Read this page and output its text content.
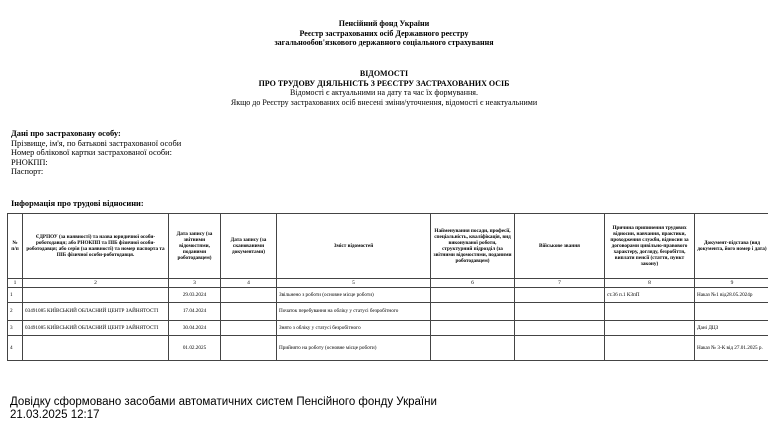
Пенсійний фонд України
Реєстр застрахованих осіб Державного реєстру
загальнообов'язкового державного соціального страхування
ВІДОМОСТІ
ПРО ТРУДОВУ ДІЯЛЬНІСТЬ З РЕЄСТРУ ЗАСТРАХОВАНИХ ОСІБ
Відомості є актуальними на дату та час їх формування.
Якщо до Реєстру застрахованих осіб внесені зміни/уточнення, відомості є неактуальними
Дані про застраховану особу:
Прізвище, ім'я, по батькові застрахованої особи
Номер облікової картки застрахованої особи:
РНОКПП:
Паспорт:
Інформація про трудові відносини:
№ п/п	ЄДРПОУ (за наявності) та назва юридичної особи-роботодавця; або РНОКПП та ПІБ фізичної особи-роботодавця; або серія (за наявності) та номер паспорта та ПІБ фізичної особи-роботодавця.	Дата запису (за звітними відомостями, поданими роботодавцем)	Дата запису (за сканованими документами)	Зміст відомостей	Найменування посади, професії, спеціальність, кваліфікація, вид виконуваної роботи, структурний підрозділ (за звітними відомостями, поданими роботодавцем)	Військове звання	Причина припинення трудових відносин, навчання, практики, проходження служби, відносин за договорами цивільно-правового характеру, догляду, безробіття, виплати пенсії (стаття, пункт закону)	Документ-підстава (вид документа, його номер і дата)
1	2	3	4	5	6	7	8	9
1		29.03.2024		Звільнено з роботи (основне місце роботи)			ст.36 п.1 КЗпП	Наказ №1 від28.05.2024р
2	03491085 КИЇВСЬКИЙ ОБЛАСНИЙ ЦЕНТР ЗАЙНЯТОСТІ	17.04.2024		Початок перебування на обліку у статусі безробітного				
3	03491085 КИЇВСЬКИЙ ОБЛАСНИЙ ЦЕНТР ЗАЙНЯТОСТІ	30.04.2024		Знято з обліку у статусі безробітного				Дані ДЦЗ
4		01.02.2025		Прийнято на роботу (основне місце роботи)				Наказ № 3-К від 27.01.2025 р.
Довідку сформовано засобами автоматичних систем Пенсійного фонду України
21.03.2025 12:17
